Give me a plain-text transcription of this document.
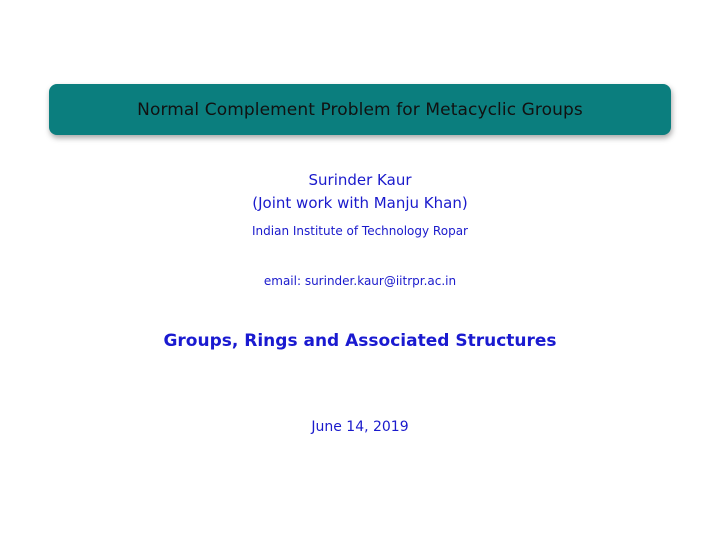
Normal Complement Problem for Metacyclic Groups
Surinder Kaur
(Joint work with Manju Khan)
Indian Institute of Technology Ropar
email: surinder.kaur@iitrpr.ac.in
Groups, Rings and Associated Structures
June 14, 2019
